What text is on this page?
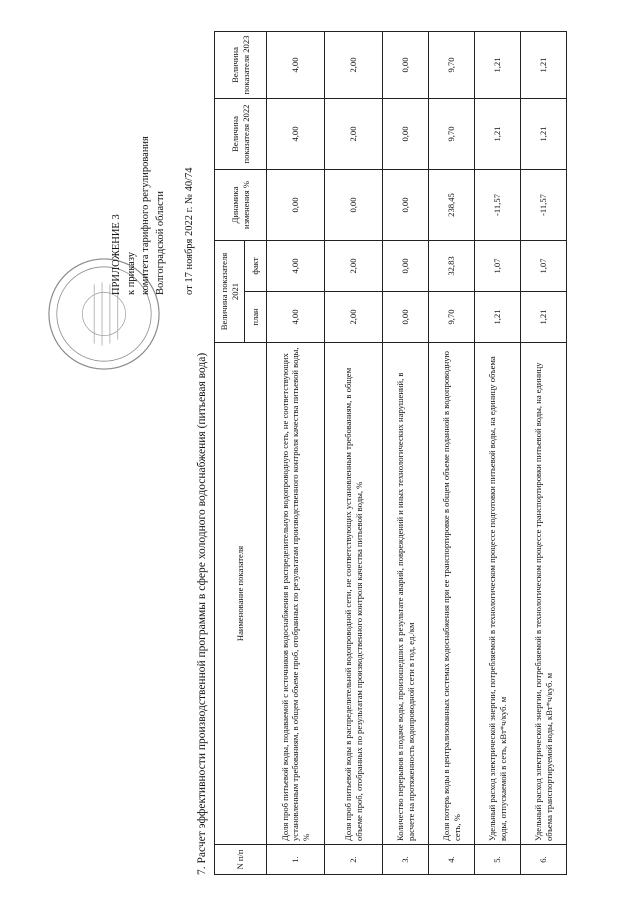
ПРИЛОЖЕНИЕ 3 к приказу комитета тарифного регулирования Волгоградской области от 17 ноября 2022 г. № 40/74
7. Расчет эффективности производственной программы в сфере холодного водоснабжения (питьевая вода)	N п/п	Наименование показателя	Величина показателя 2021		Динамика изменения %	Величина показателя 2022	Величина показателя 2023
		план	факт			
1.	Доля проб питьевой воды, подаваемой с источников водоснабжения в распределительную водопроводную сеть, не соответствующих установленным требованиям, в общем объеме проб, отобранных по результатам производственного контроля качества питьевой воды, %	4,00	4,00	0,00	4,00	4,00
2.	Доля проб питьевой воды в распределительной водопроводной сети, не соответствующих установленным требованиям, в общем объеме проб, отобранных по результатам производственного контроля качества питьевой воды, %	2,00	2,00	0,00	2,00	2,00
3.	Количество перерывов в подаче воды, произошедших в результате аварий, повреждений и иных технологических нарушений, в расчете на протяженность водопроводной сети в год, ед./км	0,00	0,00	0,00	0,00	0,00
4.	Доля потерь воды в централизованных системах водоснабжения при ее транспортировке в общем объеме поданной в водопроводную сеть, %	9,70	32,83	238,45	9,70	9,70
5.	Удельный расход электрической энергии, потребляемой в технологическом процессе подготовки питьевой воды, на единицу объема воды, отпускаемой в сеть, кВт*ч/куб. м	1,21	1,07	-11,57	1,21	1,21
6.	Удельный расход электрической энергии, потребляемой в технологическом процессе транспортировки питьевой воды, на единицу объема транспортируемой воды, кВт*ч/куб. м	1,21	1,07	-11,57	1,21	1,21
